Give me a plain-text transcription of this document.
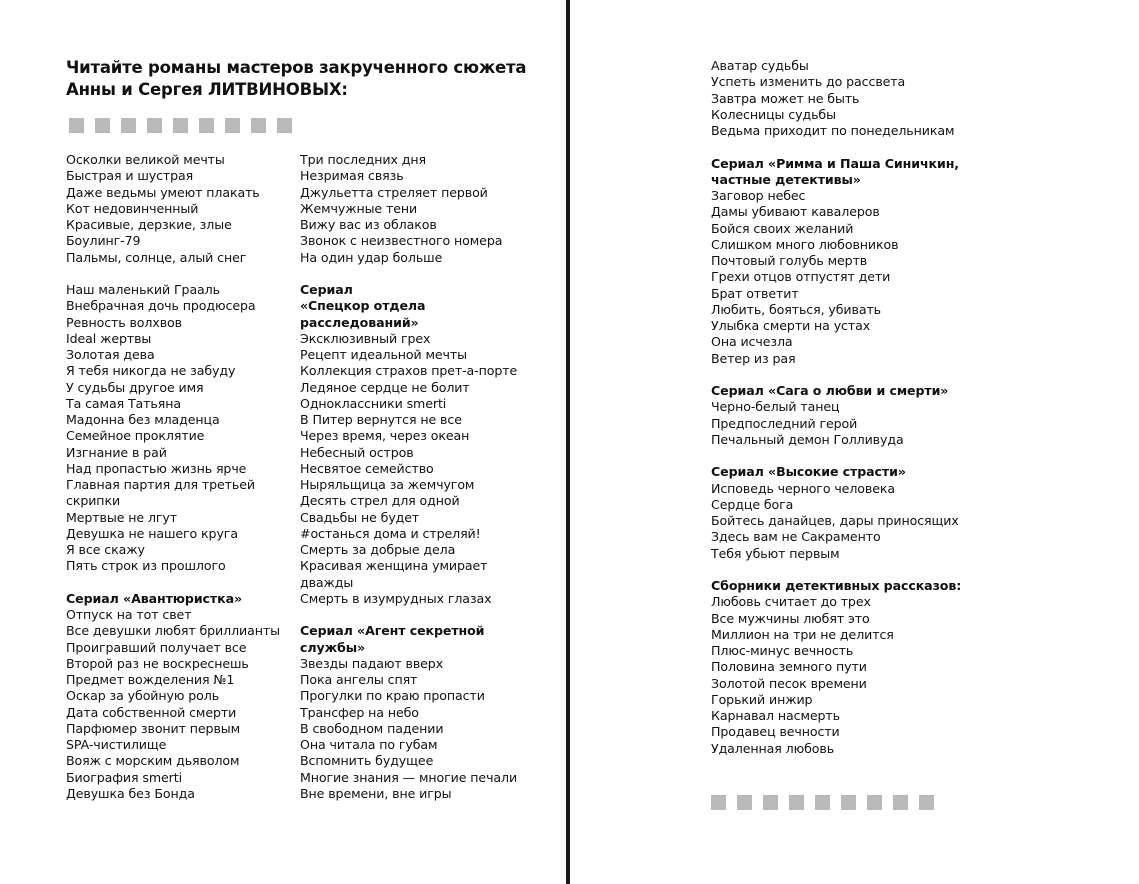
Читайте романы мастеров закрученного сюжета
Анны и Сергея ЛИТВИНОВЫХ:
Осколки великой мечты
Быстрая и шустрая
Даже ведьмы умеют плакать
Кот недовинченный
Красивые, дерзкие, злые
Боулинг-79
Пальмы, солнце, алый снег
Наш маленький Грааль
Внебрачная дочь продюсера
Ревность волхвов
Ideal жертвы
Золотая дева
Я тебя никогда не забуду
У судьбы другое имя
Та самая Татьяна
Мадонна без младенца
Семейное проклятие
Изгнание в рай
Над пропастью жизнь ярче
Главная партия для третьей
скрипки
Мертвые не лгут
Девушка не нашего круга
Я все скажу
Пять строк из прошлого
Сериал «Авантюристка»
Отпуск на тот свет
Все девушки любят бриллианты
Проигравший получает все
Второй раз не воскреснешь
Предмет вожделения №1
Оскар за убойную роль
Дата собственной смерти
Парфюмер звонит первым
SPA-чистилище
Вояж с морским дьяволом
Биография smerti
Девушка без Бонда
Три последних дня
Незримая связь
Джульетта стреляет первой
Жемчужные тени
Вижу вас из облаков
Звонок с неизвестного номера
На один удар больше
Сериал
«Спецкор отдела
расследований»
Эксклюзивный грех
Рецепт идеальной мечты
Коллекция страхов прет-а-порте
Ледяное сердце не болит
Одноклассники smerti
В Питер вернутся не все
Через время, через океан
Небесный остров
Несвятое семейство
Ныряльщица за жемчугом
Десять стрел для одной
Свадьбы не будет
#останься дома и стреляй!
Смерть за добрые дела
Красивая женщина умирает
дважды
Смерть в изумрудных глазах
Сериал «Агент секретной
службы»
Звезды падают вверх
Пока ангелы спят
Прогулки по краю пропасти
Трансфер на небо
В свободном падении
Она читала по губам
Вспомнить будущее
Многие знания — многие печали
Вне времени, вне игры
Аватар судьбы
Успеть изменить до рассвета
Завтра может не быть
Колесницы судьбы
Ведьма приходит по понедельникам
Сериал «Римма и Паша Синичкин,
частные детективы»
Заговор небес
Дамы убивают кавалеров
Бойся своих желаний
Слишком много любовников
Почтовый голубь мертв
Грехи отцов отпустят дети
Брат ответит
Любить, бояться, убивать
Улыбка смерти на устах
Она исчезла
Ветер из рая
Сериал «Сага о любви и смерти»
Черно-белый танец
Предпоследний герой
Печальный демон Голливуда
Сериал «Высокие страсти»
Исповедь черного человека
Сердце бога
Бойтесь данайцев, дары приносящих
Здесь вам не Сакраменто
Тебя убьют первым
Сборники детективных рассказов:
Любовь считает до трех
Все мужчины любят это
Миллион на три не делится
Плюс-минус вечность
Половина земного пути
Золотой песок времени
Горький инжир
Карнавал насмерть
Продавец вечности
Удаленная любовь
